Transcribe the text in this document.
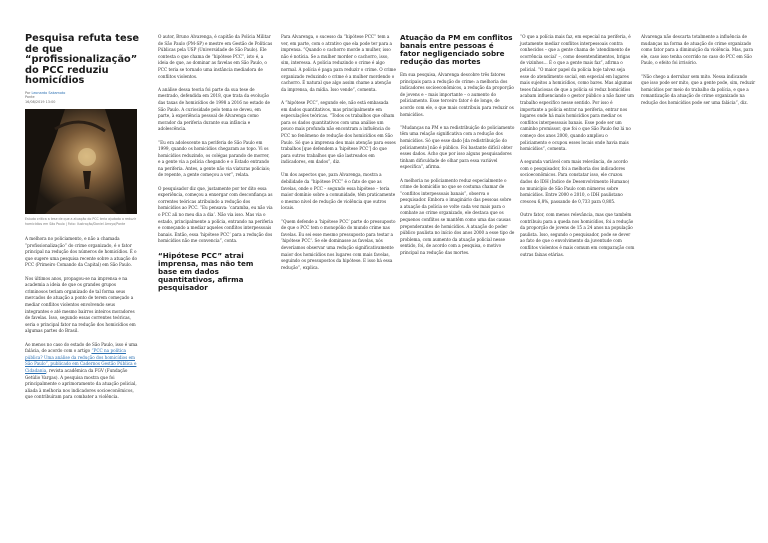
Pesquisa refuta tese de que “profissionalização” do PCC reduziu homicídios
Por Leonardo Sakamoto
Ponte
16/08/2019 13:00
Estudo critica a tese de que a atuação do PCC teria ajudado a reduzir homicídios em São Paulo | Foto: Ilustração/Daniel Arroyo/Ponte

A melhora no policiamento, e não a chamada “profissionalização” do crime organizado, é o fator principal na redução dos números de homicídios. É o que sugere uma pesquisa recente sobre a atuação do PCC (Primeiro Comando da Capital) em São Paulo.

Nos últimos anos, propagou-se na imprensa e na academia a ideia de que os grandes grupos criminosos teriam organizado de tal forma seus mercados de atuação a ponto de terem começado a mediar conflitos violentos envolvendo seus integrantes e até mesmo bairros inteiros moradores de favelas. Isso, segundo essas correntes teóricas, seria o principal fator na redução dos homicídios em algumas partes do Brasil.

Ao menos no caso do estado de São Paulo, isso é uma falácia, de acordo com o artigo “PCC na política pública? Uma análise da redução dos homicídios em São Paulo”, publicado em Cadernos Gestão Pública e Cidadania, revista acadêmica da FGV (Fundação Getúlio Vargas). A pesquisa mostra que foi principalmente o aprimoramento da atuação policial, aliada à melhoria nos indicadores socioeconômicos, que contribuíram para combater a violência.

O autor, Bruno Alvarenga, é capitão da Polícia Militar de São Paulo (PM-SP) e mestre em Gestão de Políticas Públicas pela USP (Universidade de São Paulo). Ele contesta o que chama de “hipótese PCC”, isto é, a ideia de que, ao dominar as favelas em São Paulo, o PCC teria se tornado uma instância mediadora de conflitos violentos.

A análise dessa teoria foi parte da sua tese de mestrado, defendida em 2018, que trata da evolução das taxas de homicídios de 1998 a 2016 no estado de São Paulo. A curiosidade pelo tema se deveu, em parte, à experiência pessoal de Alvarenga como morador da periferia durante sua infância e adolescência.

“Eu era adolescente na periferia de São Paulo em 1999, quando os homicídios chegaram ao topo. Vi os homicídios reduzindo, os colégas parando de morrer, e a gente via a polícia chegando e o Estado entrando na periferia. Antes, a gente não via viaturas policiais; de repente, a gente começou a ver”, relata.

O pesquisador diz que, justamente por ter dito essa experiência, começou a enxergar com desconfiança as correntes teóricas atribuindo a redução dos homicídios ao PCC. “Eu pensava: ‘caramba, eu não via o PCC ali no meu dia a dia’. Não via isso. Mas via o estado, principalmente a polícia, entrando na periferia e começando a mediar aqueles conflitos interpessoais banais. Então, essa ‘hipótese PCC’ para a redução dos homicídios não me convencia”, conta.

“Hipótese PCC” atrai imprensa, mas não tem base em dados quantitativos, afirma pesquisador

Para Alvarenga, o sucesso da “hipótese PCC” tem a ver, em parte, com o atrativo que ela pode ter para a imprensa. “Quando o cachorro morde a mulher, isso não é notícia. Se a mulher morder o cachorro, isso, sim, interessa. A polícia reduzindo o crime é algo normal. A polícia é paga para reduzir o crime. O crime organizado reduzindo o crime é a mulher mordendo o cachorro. É natural que algo assim chame a atenção da imprensa, da mídia. Isso vende”, comenta.

A “hipótese PCC”, segundo ele, não está embasada em dados quantitativos, mas principalmente em especulações teóricas. “Todos os trabalhos que olham para os dados quantitativos com uma análise um pouco mais profunda não encontram a influência do PCC no fenômeno de redução dos homicídios em São Paulo. Só que a imprensa deu mais atenção para esses trabalhos [que defendem a ‘hipótese PCC’] do que para outros trabalhos que são lastreados em indicadores, em dados”, diz.

Um dos aspectos que, para Alvarenga, mostra a debilidade da “hipótese PCC” é o fato de que as favelas, onde o PCC – segundo essa hipótese – teria maior domínio sobre a comunidade, têm praticamente o mesmo nível de redução de violência que outros locais.

“Quem defende a ‘hipótese PCC’ parte do pressuposto de que o PCC tem o monopólio do mundo crime nas favelas. Eu sei esse mesmo pressuposto para testar a ‘hipótese PCC’. Se ele dominasse as favelas, nós deveríamos observar uma redução significativamente maior dos homicídios nos lugares com mais favelas, seguindo os pressupostos da hipótese. E isso há essa redução”, explica.

Atuação da PM em conflitos banais entre pessoas é fator negligenciado sobre redução das mortes

Em sua pesquisa, Alvarenga descobre três fatores principais para a redução do crime: a melhoria dos indicadores socioeconômicos, a redução da proporção de jovens e – mais importante – o aumento do policiamento. Esse terceiro fator é de longe, de acordo com ele, o que mais contribuiu para reduzir os homicídios.

“Mudanças na PM e na redistribuição do policiamento têm uma relação significativa com a redução dos homicídios. Só que esse dado [da redistribuição do policiamento] não é público. Foi bastante difícil obter esses dados. Acho que por isso alguns pesquisadores tinham dificuldade de olhar para essa variável específica”, afirma.

A melhoria no policiamento reduz especialmente o crime de homicídio no que se costuma chamar de “conflitos interpessoais banais”, observa o pesquisador. Embora o imaginário das pessoas sobre a atuação da polícia se volte cada vez mais para o combate ao crime organizado, ele destaca que os pequenos conflitos se mantêm como uma das causas preponderantes de homicídios. A atuação do poder público paulista no início dos anos 2000 a esse tipo de problema, com aumento da atuação policial nesse sentido, foi, de acordo com a pesquisa, o motivo principal na redução das mortes.

“O que a polícia mais faz, em especial na periferia, é justamente mediar conflitos interpessoais contra conhecidos – que a gente chama de ‘atendimento de ocorrência social’ –, como desentendimentos, brigas de vizinhos… É o que a gente mais faz”, afirma o policial. “O maior papel da polícia hoje talvez seja esse do atendimento social, em especial em lugares mais sujeitos a homicídios, como bares. Mas algumas teses falaciosas de que a polícia só reduz homicídios acabam influenciando o gestor público a não fazer um trabalho específico nesse sentido. Por isso é importante a polícia entrar na periferia, entrar nos lugares onde há mais homicídios para mediar os conflitos interpessoais banais. Esse pode ser um caminho promissor, que foi o que São Paulo fez lá no começo dos anos 2000, quando ampliou o policiamento e ocupou esses locais onde havia mais homicídios”, comenta.

A segunda variável com mais relevância, de acordo com o pesquisador, foi a melhoria dos indicadores socioeconômicos. Para constatar isso, ele cruzou dados do IDH (Índice de Desenvolvimento Humano) no município de São Paulo com números sobre homicídios. Entre 2000 e 2010, o IDH paulistano cresceu 6,8%, passando de 0,733 para 0,805.

Outro fator, com menos relevância, mas que também contribuiu para a queda nos homicídios, foi a redução da proporção de jovens de 15 a 24 anos na população paulista. Isso, segundo o pesquisador, pode se dever ao fato de que o envolvimento da juventude com conflitos violentos é mais comum em comparação com outras faixas etárias.

Alvarenga não descarta totalmente a influência de mudanças na forma de atuação do crime organizado como fator para a diminuição da violência. Mas, para ele, caso isso tenha ocorrido no caso do PCC em São Paulo, o efeito foi irrisório.

“Não chego a derrubar sem mito. Nessa indicando que isso pode ser mito, que a gente pode, sim, reduzir homicídios por meio do trabalho da polícia, e que a romantização da atuação do crime organizado na redução dos homicídios pode ser uma falácia”, diz.
